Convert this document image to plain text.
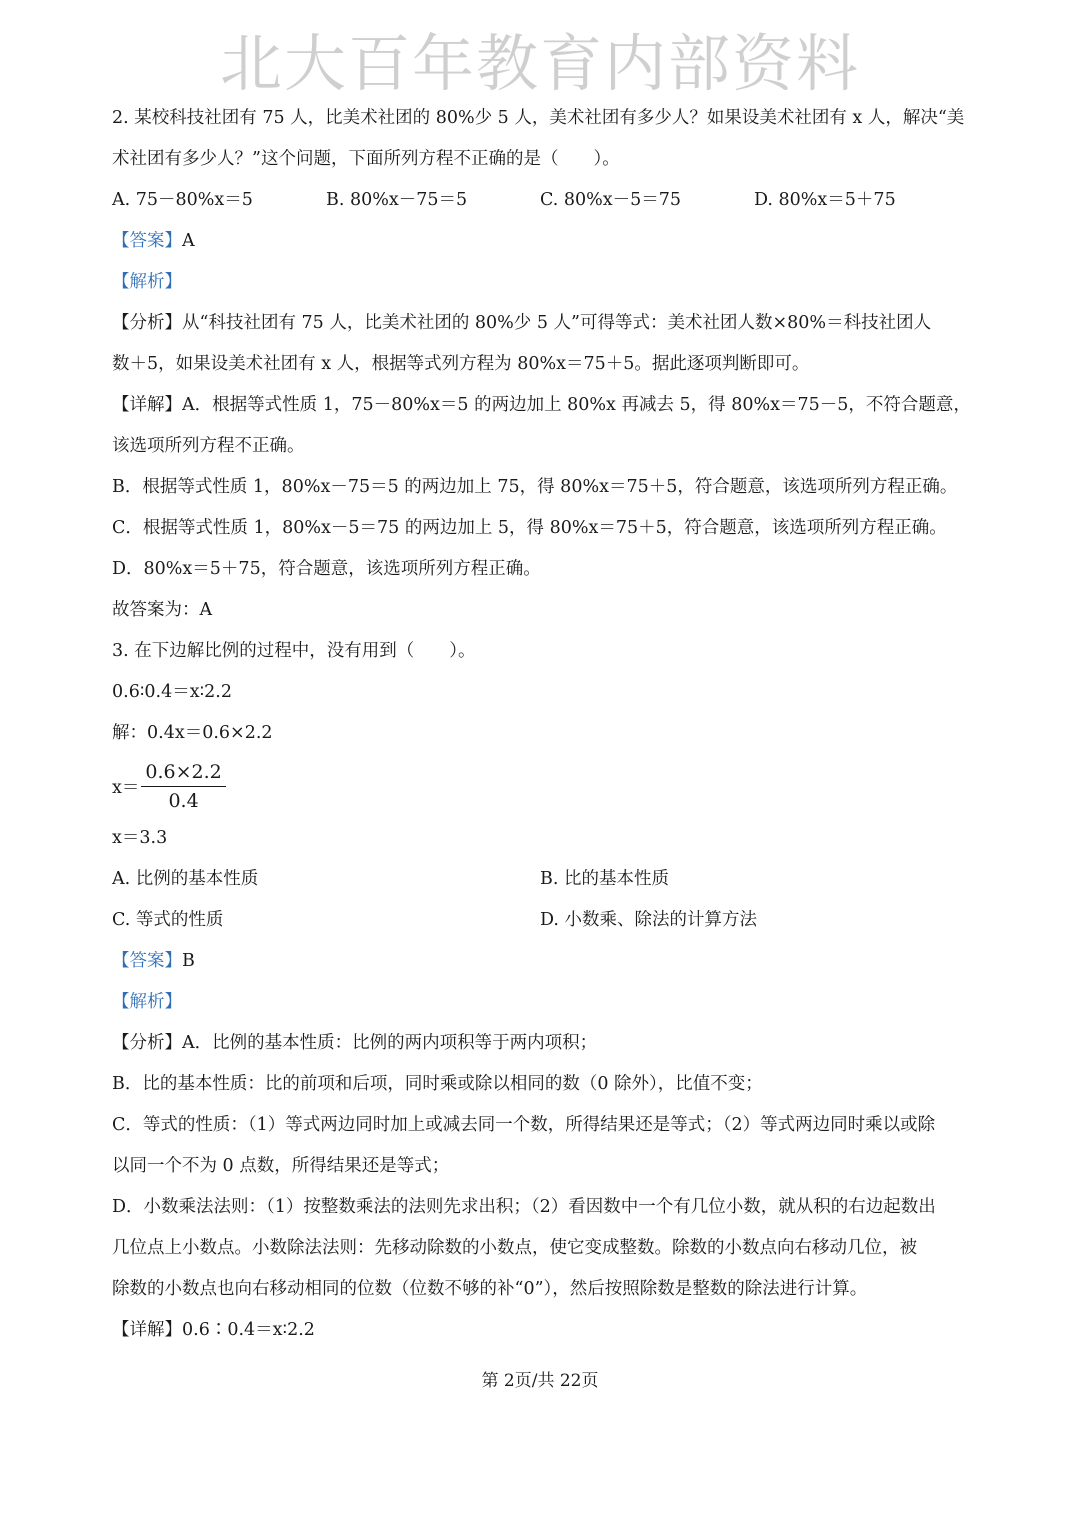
北大百年教育内部资料
2. 某校科技社团有 75 人，比美术社团的 80%少 5 人，美术社团有多少人？如果设美术社团有 x 人，解决“美
术社团有多少人？”这个问题，下面所列方程不正确的是（　　）。
A. 75－80%x＝5	B. 80%x－75＝5	C. 80%x－5＝75	D. 80%x＝5＋75
【答案】A
【解析】
【分析】从“科技社团有 75 人，比美术社团的 80%少 5 人”可得等式：美术社团人数×80%＝科技社团人
数＋5，如果设美术社团有 x 人，根据等式列方程为 80%x＝75＋5。据此逐项判断即可。
【详解】A．根据等式性质 1，75－80%x＝5 的两边加上 80%x 再减去 5，得 80%x＝75－5，不符合题意，
该选项所列方程不正确。
B．根据等式性质 1，80%x－75＝5 的两边加上 75，得 80%x＝75＋5，符合题意，该选项所列方程正确。
C．根据等式性质 1，80%x－5＝75 的两边加上 5，得 80%x＝75＋5，符合题意，该选项所列方程正确。
D．80%x＝5＋75，符合题意，该选项所列方程正确。
故答案为：A
3. 在下边解比例的过程中，没有用到（　　）。
0.6∶0.4＝x∶2.2
解：0.4x＝0.6×2.2
$x= \frac{0.6\times 2.2}{0.4}$
x＝3.3
A. 比例的基本性质	B. 比的基本性质
C. 等式的性质	D. 小数乘、除法的计算方法
【答案】B
【解析】
【分析】A．比例的基本性质：比例的两内项积等于两内项积；
B．比的基本性质：比的前项和后项，同时乘或除以相同的数（0 除外），比值不变；
C．等式的性质：（1）等式两边同时加上或减去同一个数，所得结果还是等式；（2）等式两边同时乘以或除
以同一个不为 0 点数，所得结果还是等式；
D．小数乘法法则：（1）按整数乘法的法则先求出积；（2）看因数中一个有几位小数，就从积的右边起数出
几位点上小数点。小数除法法则：先移动除数的小数点，使它变成整数。除数的小数点向右移动几位，被
除数的小数点也向右移动相同的位数（位数不够的补“0”），然后按照除数是整数的除法进行计算。
【详解】0.6∶0.4＝x∶2.2
第 2页/共 22页
